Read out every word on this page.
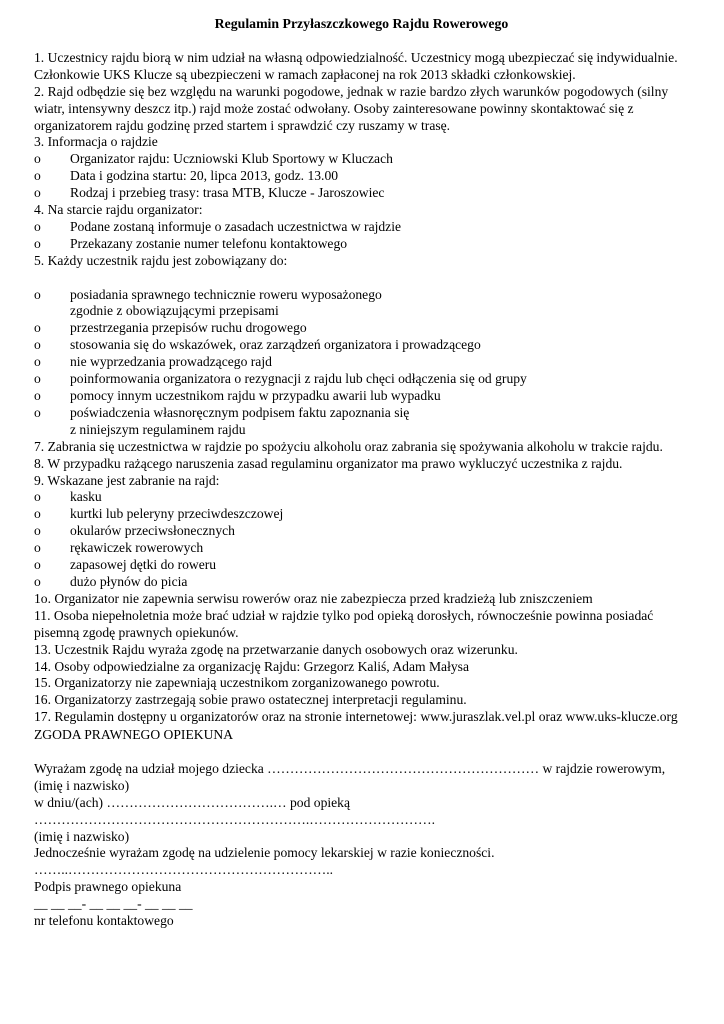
Regulamin Przyłaszczkowego Rajdu Rowerowego

1. Uczestnicy rajdu biorą w nim udział na własną odpowiedzialność. Uczestnicy mogą ubezpieczać się indywidualnie. Członkowie UKS Klucze są ubezpieczeni w ramach zapłaconej na rok 2013 składki członkowskiej.

2. Rajd odbędzie się bez względu na warunki pogodowe, jednak w razie bardzo złych warunków pogodowych (silny wiatr, intensywny deszcz itp.) rajd może zostać odwołany. Osoby zainteresowane powinny skontaktować się z organizatorem rajdu godzinę przed startem i sprawdzić czy ruszamy w trasę.

3. Informacja o rajdzie

o	Organizator rajdu: Uczniowski Klub Sportowy w Kluczach
o	Data i godzina startu: 20, lipca 2013, godz. 13.00
o	Rodzaj i przebieg trasy: trasa MTB, Klucze - Jaroszowiec

4. Na starcie rajdu organizator:

o	Podane zostaną informuje o zasadach uczestnictwa w rajdzie
o	Przekazany zostanie numer telefonu kontaktowego

5. Każdy uczestnik rajdu jest zobowiązany do:

o	posiadania sprawnego technicznie roweru wyposażonego

zgodnie z obowiązującymi przepisami

o	przestrzegania przepisów ruchu drogowego
o	stosowania się do wskazówek, oraz zarządzeń organizatora i prowadzącego
o	nie wyprzedzania prowadzącego rajd
o	poinformowania organizatora o rezygnacji z rajdu lub chęci odłączenia się od grupy
o	pomocy innym uczestnikom rajdu w przypadku awarii lub wypadku
o	poświadczenia własnoręcznym podpisem faktu zapoznania się

z niniejszym regulaminem rajdu

7. Zabrania się uczestnictwa w rajdzie po spożyciu alkoholu oraz zabrania się spożywania alkoholu w trakcie rajdu.

8. W przypadku rażącego naruszenia zasad regulaminu organizator ma prawo wykluczyć uczestnika z rajdu.

9. Wskazane jest zabranie na rajd:

o	kasku
o	kurtki lub peleryny przeciwdeszczowej
o	okularów przeciwsłonecznych
o	rękawiczek rowerowych
o	zapasowej dętki do roweru
o	dużo płynów do picia

1o. Organizator nie zapewnia serwisu rowerów oraz nie zabezpiecza przed kradzieżą lub zniszczeniem

11. Osoba niepełnoletnia może brać udział w rajdzie tylko pod opieką dorosłych, równocześnie powinna posiadać pisemną zgodę prawnych opiekunów.

13. Uczestnik Rajdu wyraża zgodę na przetwarzanie danych osobowych oraz wizerunku.

14. Osoby odpowiedzialne za organizację Rajdu: Grzegorz Kaliś, Adam Małysa

15. Organizatorzy nie zapewniają uczestnikom zorganizowanego powrotu.

16. Organizatorzy zastrzegają sobie prawo ostatecznej interpretacji regulaminu.

17. Regulamin dostępny u organizatorów oraz na stronie internetowej: www.juraszlak.vel.pl oraz www.uks-klucze.org

ZGODA PRAWNEGO OPIEKUNA

Wyrażam zgodę na udział mojego dziecka …………………………………………………… w rajdzie rowerowym,

(imię i nazwisko)

w dniu/(ach) ……………………………….… pod opieką

…………………………………………………….……………………….

(imię i nazwisko)

Jednocześnie wyrażam zgodę na udzielenie pomocy lekarskiej w razie konieczności.

……..…………………………………………………..

Podpis prawnego opiekuna

__ __ __- __ __ __- __ __ __

nr telefonu kontaktowego
